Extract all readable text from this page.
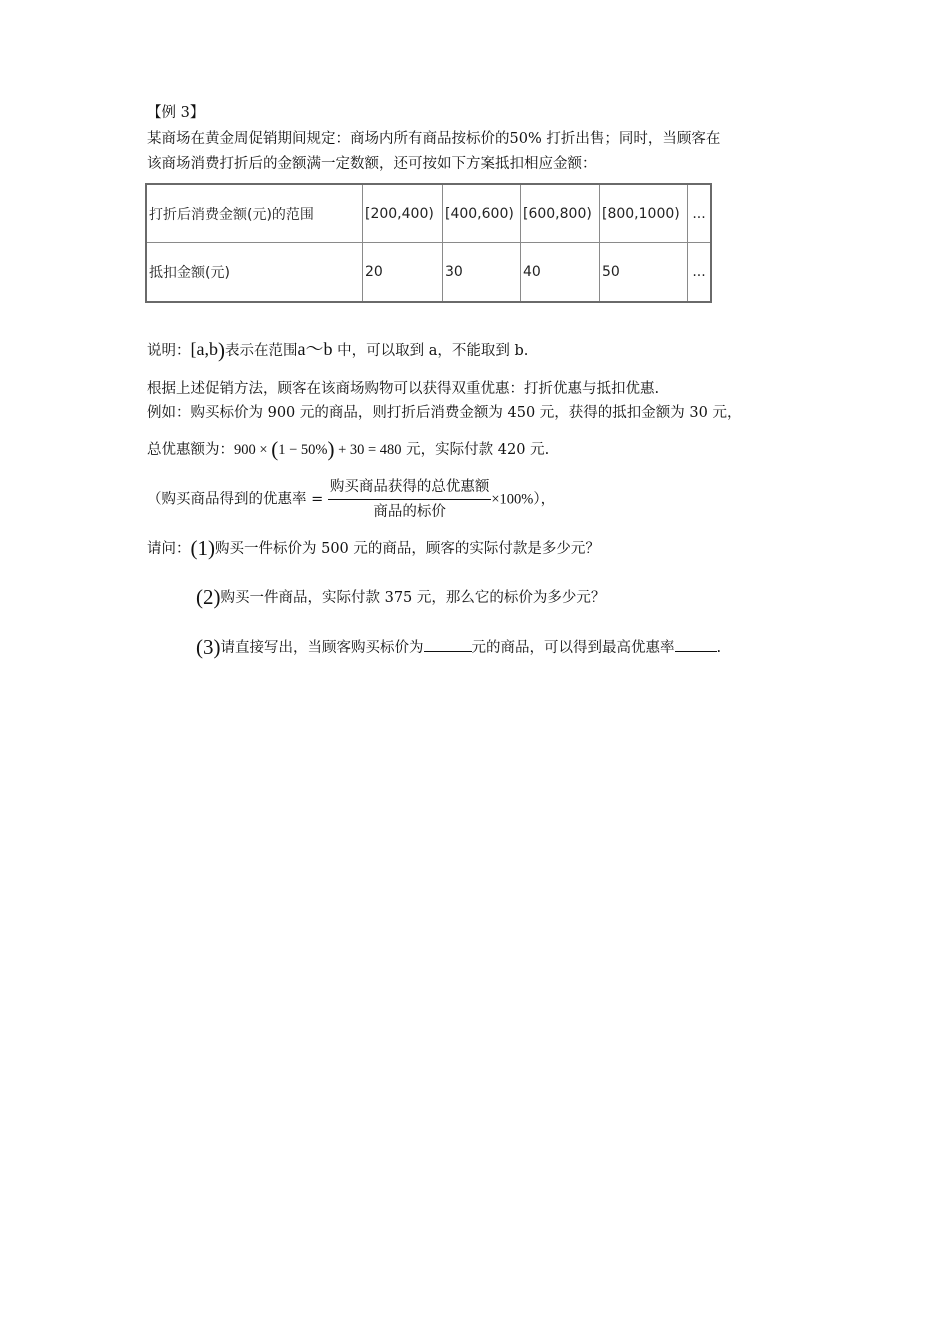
【例 3】
某商场在黄金周促销期间规定：商场内所有商品按标价的50% 打折出售；同时，当顾客在
该商场消费打折后的金额满一定数额，还可按如下方案抵扣相应金额：
打折后消费金额(元)的范围	[200,400)	[400,600)	[600,800)	[800,1000)	...
抵扣金额(元)	20	30	40	50	...
说明：[a,b)表示在范围a～b 中，可以取到 a，不能取到 b.
根据上述促销方法，顾客在该商场购物可以获得双重优惠：打折优惠与抵扣优惠.
例如：购买标价为 900 元的商品，则打折后消费金额为 450 元，获得的抵扣金额为 30 元，
总优惠额为：900 × (1 − 50%) + 30 = 480 元，实际付款 420 元.
（购买商品得到的优惠率 = $\frac{\text{购买商品获得的总优惠额}}{\text{商品的标价}} \times 100\%$），
请问：(1)购买一件标价为 500 元的商品，顾客的实际付款是多少元？
(2)购买一件商品，实际付款 375 元，那么它的标价为多少元？
(3)请直接写出，当顾客购买标价为	元的商品，可以得到最高优惠率	.
